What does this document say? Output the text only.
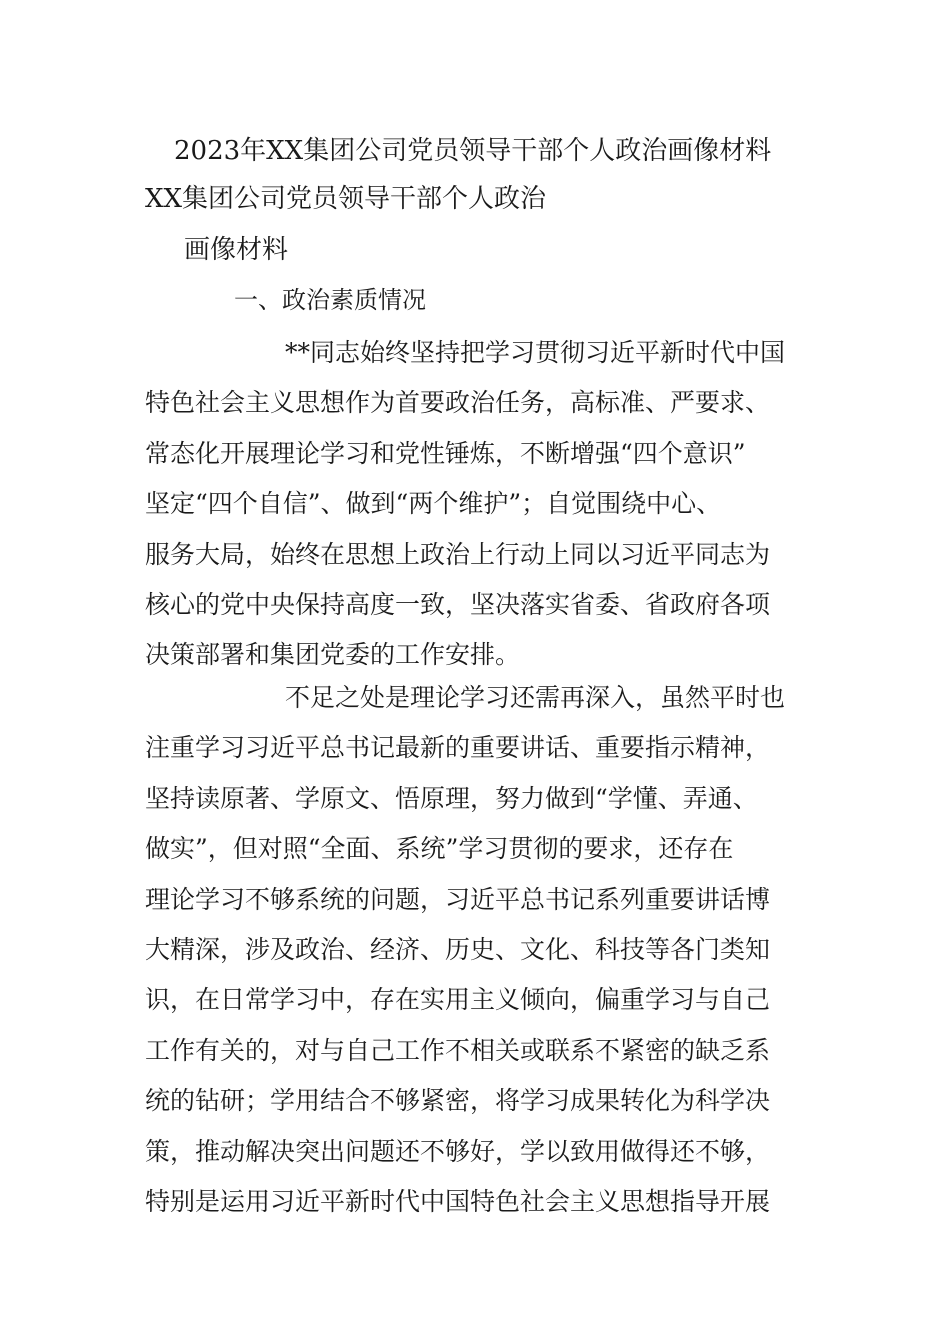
2023年XX集团公司党员领导干部个人政治画像材料
XX集团公司党员领导干部个人政治
画像材料
一、政治素质情况
**同志始终坚持把学习贯彻习近平新时代中国
特色社会主义思想作为首要政治任务，高标准、严要求、
常态化开展理论学习和党性锤炼，不断增强“四个意识”
坚定“四个自信”、做到“两个维护”；自觉围绕中心、
服务大局，始终在思想上政治上行动上同以习近平同志为
核心的党中央保持高度一致，坚决落实省委、省政府各项
决策部署和集团党委的工作安排。
不足之处是理论学习还需再深入，虽然平时也
注重学习习近平总书记最新的重要讲话、重要指示精神，
坚持读原著、学原文、悟原理，努力做到“学懂、弄通、
做实”，但对照“全面、系统”学习贯彻的要求，还存在
理论学习不够系统的问题，习近平总书记系列重要讲话博
大精深，涉及政治、经济、历史、文化、科技等各门类知
识，在日常学习中，存在实用主义倾向，偏重学习与自己
工作有关的，对与自己工作不相关或联系不紧密的缺乏系
统的钻研；学用结合不够紧密，将学习成果转化为科学决
策，推动解决突出问题还不够好，学以致用做得还不够，
特别是运用习近平新时代中国特色社会主义思想指导开展
